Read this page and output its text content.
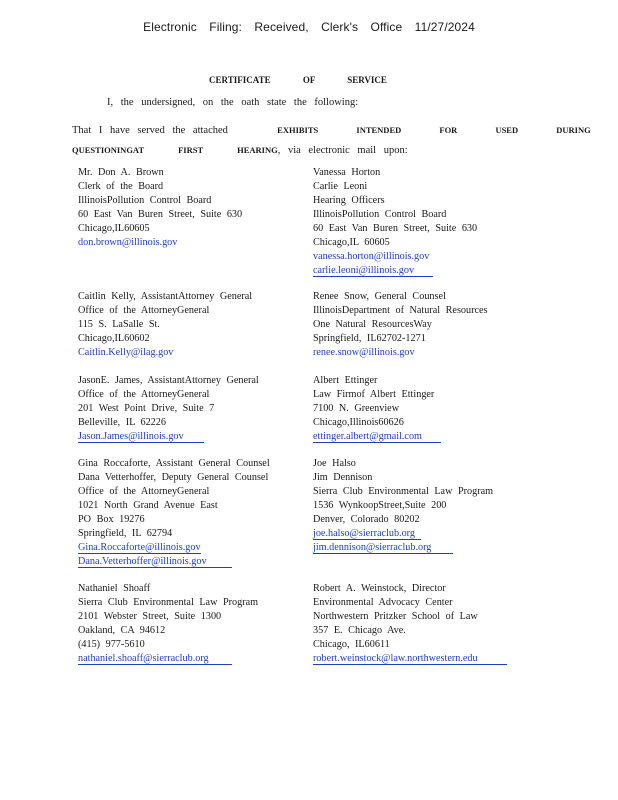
Electronic Filing: Received, Clerk's Office 11/27/2024
CERTIFICATE OF SERVICE
I, the undersigned, on the oath state the following:
That I have served the attached	EXHIBITS INTENDED FOR USED DURING
QUESTIONINGAT FIRST HEARING, via electronic mail upon:
Mr. Don A. Brown
Clerk of the Board
IllinoisPollution Control Board
60 East Van Buren Street, Suite 630
Chicago,IL60605
don.brown@illinois.gov
Vanessa Horton
Carlie Leoni
Hearing Officers
IllinoisPollution Control Board
60 East Van Buren Street, Suite 630
Chicago,IL 60605
vanessa.horton@illinois.gov
carlie.leoni@illinois.gov
Caitlin Kelly, AssistantAttorney General
Office of the AttorneyGeneral
115 S. LaSalle St.
Chicago,IL60602
Caitlin.Kelly@ilag.gov
Renee Snow, General Counsel
IllinoisDepartment of Natural Resources
One Natural ResourcesWay
Springfield, IL62702-1271
renee.snow@illinois.gov
JasonE. James, AssistantAttorney General
Office of the AttorneyGeneral
201 West Point Drive, Suite 7
Belleville, IL 62226
Jason.James@illinois.gov
Albert Ettinger
Law Firmof Albert Ettinger
7100 N. Greenview
Chicago,Illinois60626
ettinger.albert@gmail.com
Gina Roccaforte, Assistant General Counsel
Dana Vetterhoffer, Deputy General Counsel
Office of the AttorneyGeneral
1021 North Grand Avenue East
PO Box 19276
Springfield, IL 62794
Gina.Roccaforte@illinois.gov
Dana.Vetterhoffer@illinois.gov
Joe Halso
Jim Dennison
Sierra Club Environmental Law Program
1536 WynkoopStreet,Suite 200
Denver, Colorado 80202
joe.halso@sierraclub.org
jim.dennison@sierraclub.org
Nathaniel Shoaff
Sierra Club Environmental Law Program
2101 Webster Street, Suite 1300
Oakland, CA 94612
(415) 977-5610
nathaniel.shoaff@sierraclub.org
Robert A. Weinstock, Director
Environmental Advocacy Center
Northwestern Pritzker School of Law
357 E. Chicago Ave.
Chicago, IL60611
robert.weinstock@law.northwestern.edu
